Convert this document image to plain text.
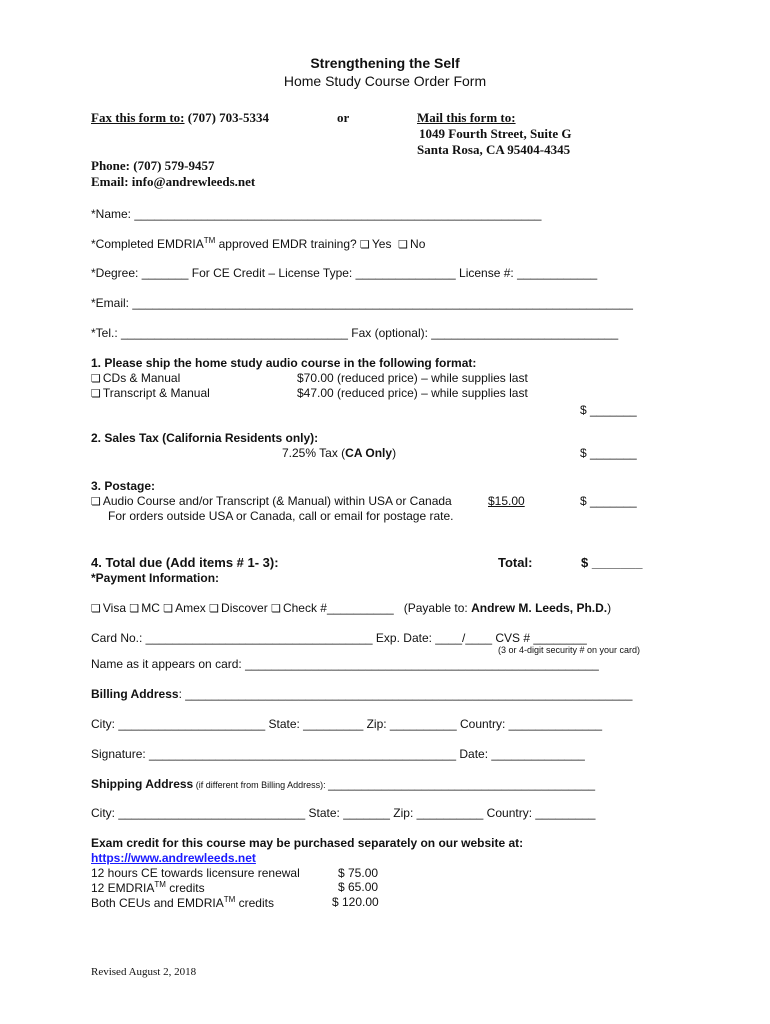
Strengthening the Self
Home Study Course Order Form
Fax this form to: (707) 703-5334	or	Mail this form to:
1049 Fourth Street, Suite G
Santa Rosa, CA 95404-4345
Phone: (707) 579-9457
Email: info@andrewleeds.net
*Name: _____________________________________________________________
*Completed EMDRIA™ approved EMDR training? ❏ Yes ❏ No
*Degree: _______ For CE Credit – License Type: _______________ License #: ____________
*Email: ___________________________________________________________________________
*Tel.: __________________________________ Fax (optional): ____________________________
1. Please ship the home study audio course in the following format:
❏ CDs & Manual	$70.00 (reduced price) – while supplies last
❏ Transcript & Manual	$47.00 (reduced price) – while supplies last
$ _______
2. Sales Tax (California Residents only):
7.25% Tax (CA Only)	$ _______
3. Postage:
❏ Audio Course and/or Transcript (& Manual) within USA or Canada	$15.00	$ _______
For orders outside USA or Canada, call or email for postage rate.
4. Total due (Add items # 1- 3):	Total:	$ _______
*Payment Information:
❏ Visa ❏ MC ❏ Amex ❏ Discover ❏ Check #__________ (Payable to: Andrew M. Leeds, Ph.D.)
Card No.: __________________________________ Exp. Date: ____/____ CVS # ________
(3 or 4-digit security # on your card)
Name as it appears on card: _____________________________________________________
Billing Address: ___________________________________________________________________
City: ______________________ State: _________ Zip: __________ Country: ______________
Signature: ______________________________________________ Date: ______________
Shipping Address (if different from Billing Address): ________________________________________
City: ____________________________ State: _______ Zip: __________ Country: _________
Exam credit for this course may be purchased separately on our website at:
https://www.andrewleeds.net
12 hours CE towards licensure renewal	$ 75.00
12 EMDRIA™ credits	$ 65.00
Both CEUs and EMDRIA™ credits	$ 120.00
Revised August 2, 2018
